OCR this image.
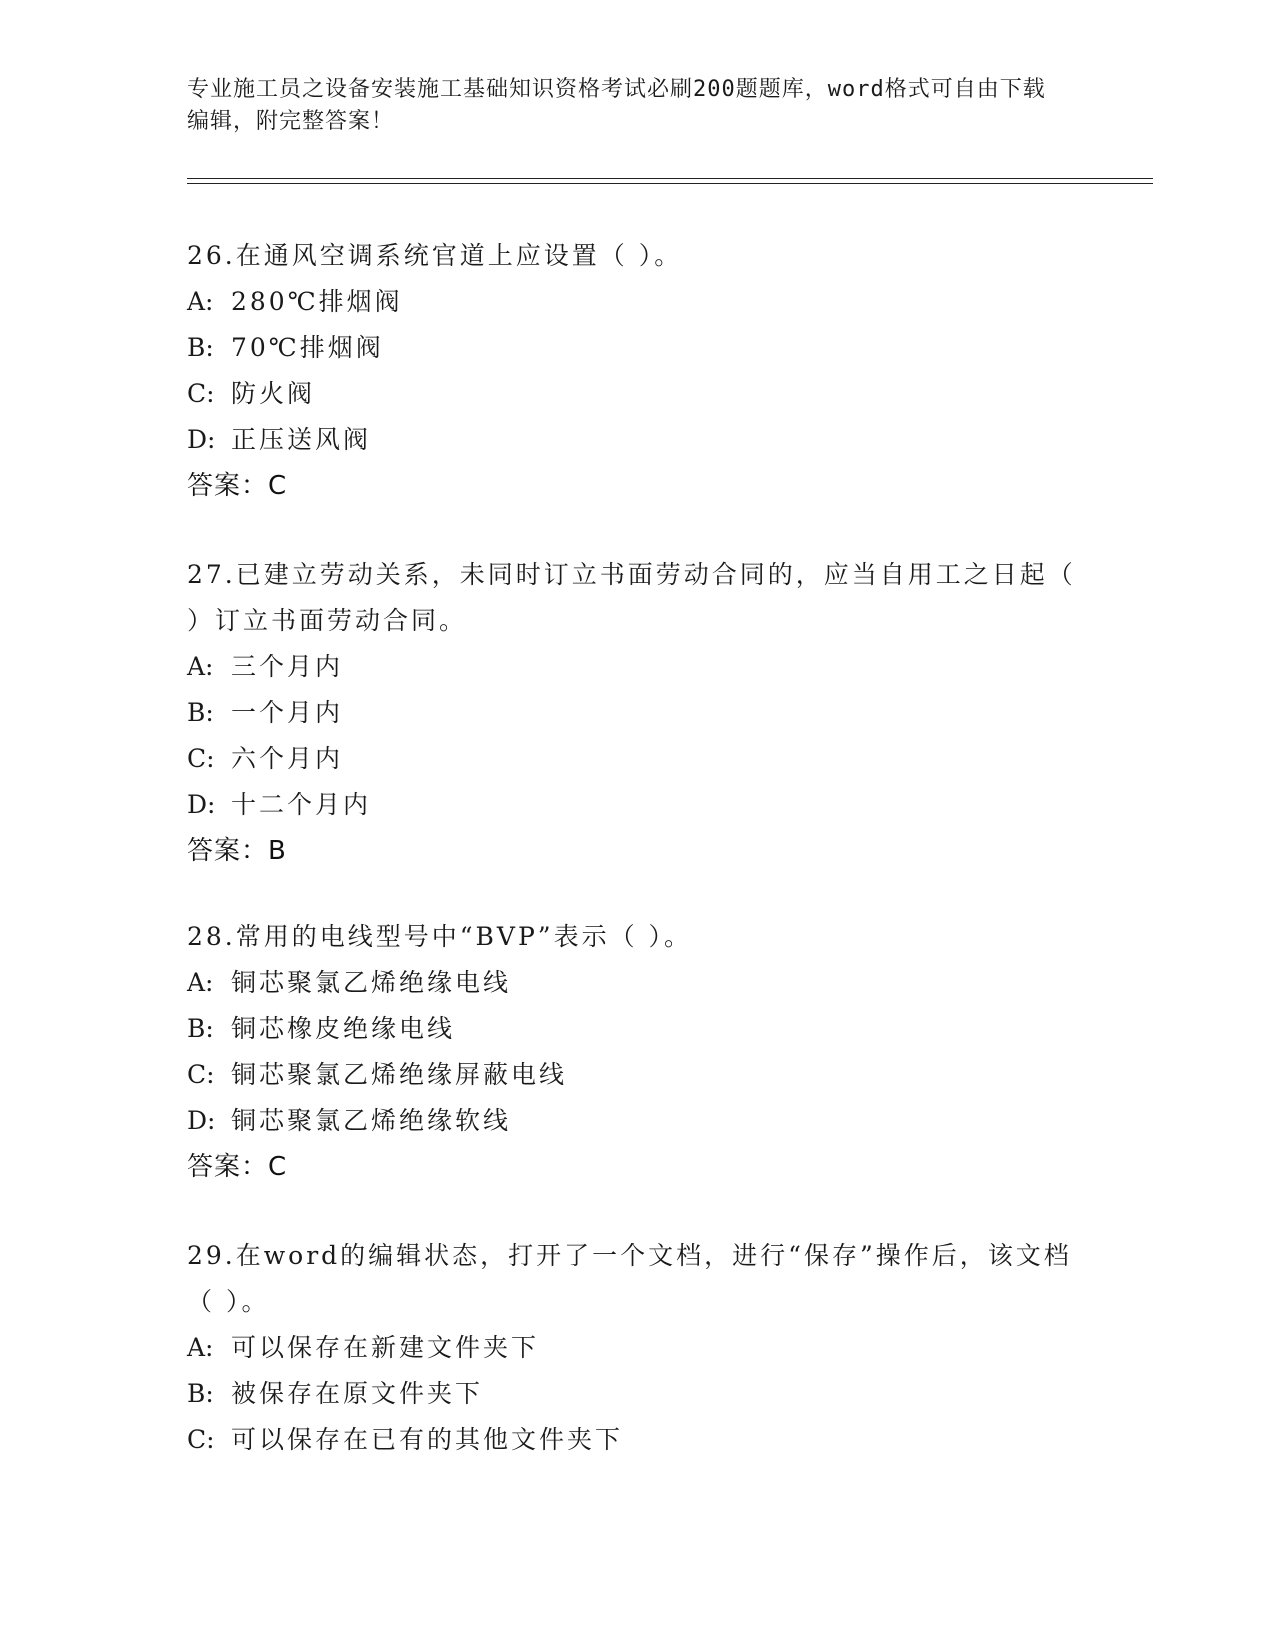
专业施工员之设备安装施工基础知识资格考试必刷200题题库，word格式可自由下载编辑，附完整答案！
26.在通风空调系统官道上应设置（ ）。
A: 280℃排烟阀
B: 70℃排烟阀
C: 防火阀
D: 正压送风阀
答案：C
27.已建立劳动关系，未同时订立书面劳动合同的，应当自用工之日起（ ）订立书面劳动合同。
A: 三个月内
B: 一个月内
C: 六个月内
D: 十二个月内
答案：B
28.常用的电线型号中“BVP”表示（ ）。
A: 铜芯聚氯乙烯绝缘电线
B: 铜芯橡皮绝缘电线
C: 铜芯聚氯乙烯绝缘屏蔽电线
D: 铜芯聚氯乙烯绝缘软线
答案：C
29.在word的编辑状态，打开了一个文档，进行“保存”操作后，该文档（ ）。
A: 可以保存在新建文件夹下
B: 被保存在原文件夹下
C: 可以保存在已有的其他文件夹下
